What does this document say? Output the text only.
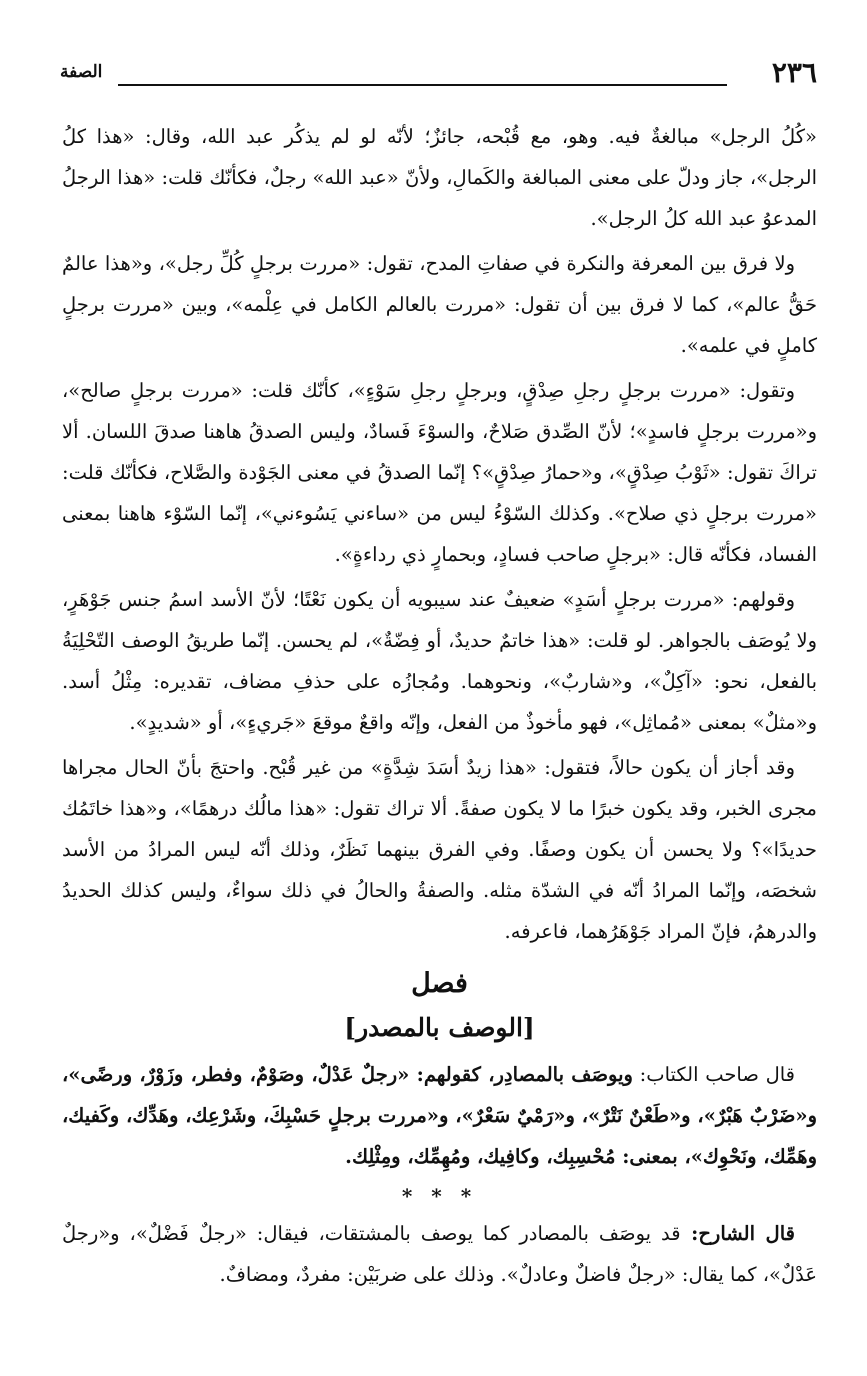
٢٣٦
الصفة

«كُلُ الرجل» مبالغةٌ فيه. وهو، مع قُبْحه، جائزٌ؛ لأنّه لو لم يذكُر عبد الله، وقال: «هذا كلُ الرجل»، جاز ودلّ على معنى المبالغة والكَمالِ، ولأنّ «عبد الله» رجلٌ، فكأنّك قلت: «هذا الرجلُ المدعوُ عبد الله كلُ الرجل».

ولا فرق بين المعرفة والنكرة في صفاتِ المدح، تقول: «مررت برجلٍ كُلِّ رجل»، و«هذا عالمٌ حَقُّ عالم»، كما لا فرق بين أن تقول: «مررت بالعالم الكامل في عِلْمه»، وبين «مررت برجلٍ كاملٍ في علمه».

وتقول: «مررت برجلٍ رجلِ صِدْقٍ، وبرجلٍ رجلِ سَوْءٍ»، كأنّك قلت: «مررت برجلٍ صالح»، و«مررت برجلٍ فاسدٍ»؛ لأنّ الصِّدق صَلاحٌ، والسوْءَ فَسادٌ، وليس الصدقُ هاهنا صدقَ اللسان. ألا تراكَ تقول: «ثَوْبُ صِدْقٍ»، و«حمارُ صِدْقٍ»؟ إنّما الصدقُ في معنى الجَوْدة والصَّلاح، فكأنّك قلت: «مررت برجلٍ ذي صلاح». وكذلك السّوْءُ ليس من «ساءني يَسُوءني»، إنّما السّوْء هاهنا بمعنى الفساد، فكأنّه قال: «برجلٍ صاحب فسادٍ، وبحمارٍ ذي رداءةٍ».

وقولهم: «مررت برجلٍ أسَدٍ» ضعيفٌ عند سيبويه أن يكون نَعْتًا؛ لأنّ الأسد اسمُ جنس جَوْهَرٍ، ولا يُوصَف بالجواهر. لو قلت: «هذا خاتمٌ حديدٌ، أو فِضّةٌ»، لم يحسن. إنّما طريقُ الوصف التّحْلِيَةُ بالفعل، نحو: «آكِلٌ»، و«شاربٌ»، ونحوهما. ومُجازُه على حذفِ مضاف، تقديره: مِثْلُ أسد. و«مثلٌ» بمعنى «مُماثِل»، فهو مأخوذٌ من الفعل، وإنّه واقعٌ موقعَ «جَريءٍ»، أو «شديدٍ».

وقد أجاز أن يكون حالاً، فتقول: «هذا زيدٌ أسَدَ شِدَّةٍ» من غير قُبْح. واحتجَ بأنّ الحال مجراها مجرى الخبر، وقد يكون خبرًا ما لا يكون صفةً. ألا تراك تقول: «هذا مالُك درهمًا»، و«هذا خاتَمُك حديدًا»؟ ولا يحسن أن يكون وصفًا. وفي الفرق بينهما نَظَرٌ، وذلك أنّه ليس المرادُ من الأسد شخصَه، وإنّما المرادُ أنّه في الشدّة مثله. والصفةُ والحالُ في ذلك سواءٌ، وليس كذلك الحديدُ والدرهمُ، فإنّ المراد جَوْهَرُهما، فاعرفه.

فصل
[الوصف بالمصدر]

قال صاحب الكتاب: ويوصَف بالمصادِر، كقولهم: «رجلٌ عَدْلٌ، وصَوْمٌ، وفطر، وزَوْرٌ، ورضًى»، و«ضَرْبٌ هَبْرٌ»، و«طَعْنٌ نَتْرٌ»، و«رَمْيٌ سَعْرٌ»، و«مررت برجلٍ حَسْبِكَ، وشَرْعِك، وهَدِّك، وكَفيك، وهَمِّك، ونَحْوِك»، بمعنى: مُحْسِبِك، وكافِيك، ومُهِمِّك، ومِثْلِك.

* * *

قال الشارح: قد يوصَف بالمصادر كما يوصف بالمشتقات، فيقال: «رجلٌ فَضْلٌ»، و«رجلٌ عَدْلٌ»، كما يقال: «رجلٌ فاضلٌ وعادلٌ». وذلك على ضربَيْن: مفردٌ، ومضافٌ.
